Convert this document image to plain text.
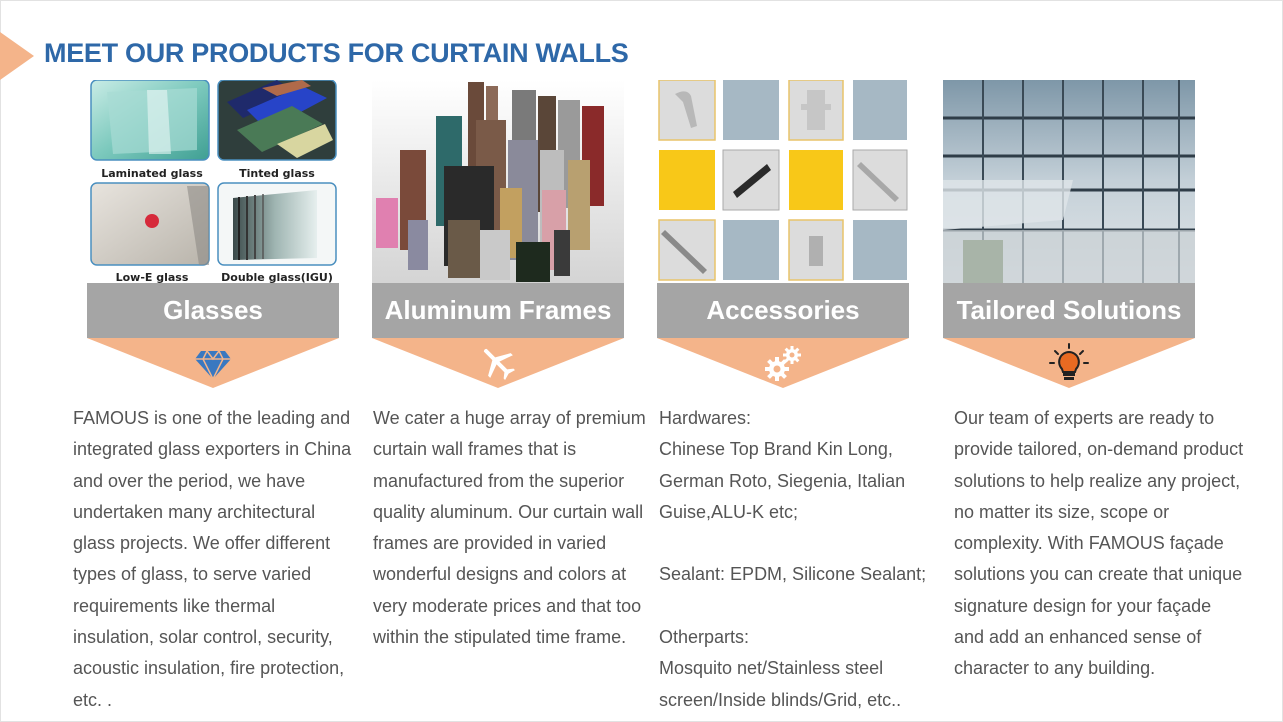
MEET OUR PRODUCTS FOR CURTAIN WALLS
Laminated glass	Tinted glass
Low-E glass	Double glass(IGU)
Glasses

FAMOUS is one of the leading and integrated glass exporters in China and over the period, we have undertaken many architectural glass projects. We offer different types of glass, to serve varied requirements like thermal insulation, solar control, security, acoustic insulation, fire protection, etc. .

Aluminum Frames

We cater a huge array of premium curtain wall frames that is manufactured from the superior quality aluminum. Our curtain wall frames are provided in varied wonderful designs and colors at very moderate prices and that too within the stipulated time frame.

Accessories

Hardwares:
Chinese Top Brand Kin Long, German Roto, Siegenia, Italian Guise,ALU-K etc;

Sealant: EPDM, Silicone Sealant;

Otherparts:
Mosquito net/Stainless steel screen/Inside blinds/Grid, etc..

Tailored Solutions

Our team of experts are ready to provide tailored, on-demand product solutions to help realize any project, no matter its size, scope or complexity. With FAMOUS façade solutions you can create that unique signature design for your façade and add an enhanced sense of character to any building.
